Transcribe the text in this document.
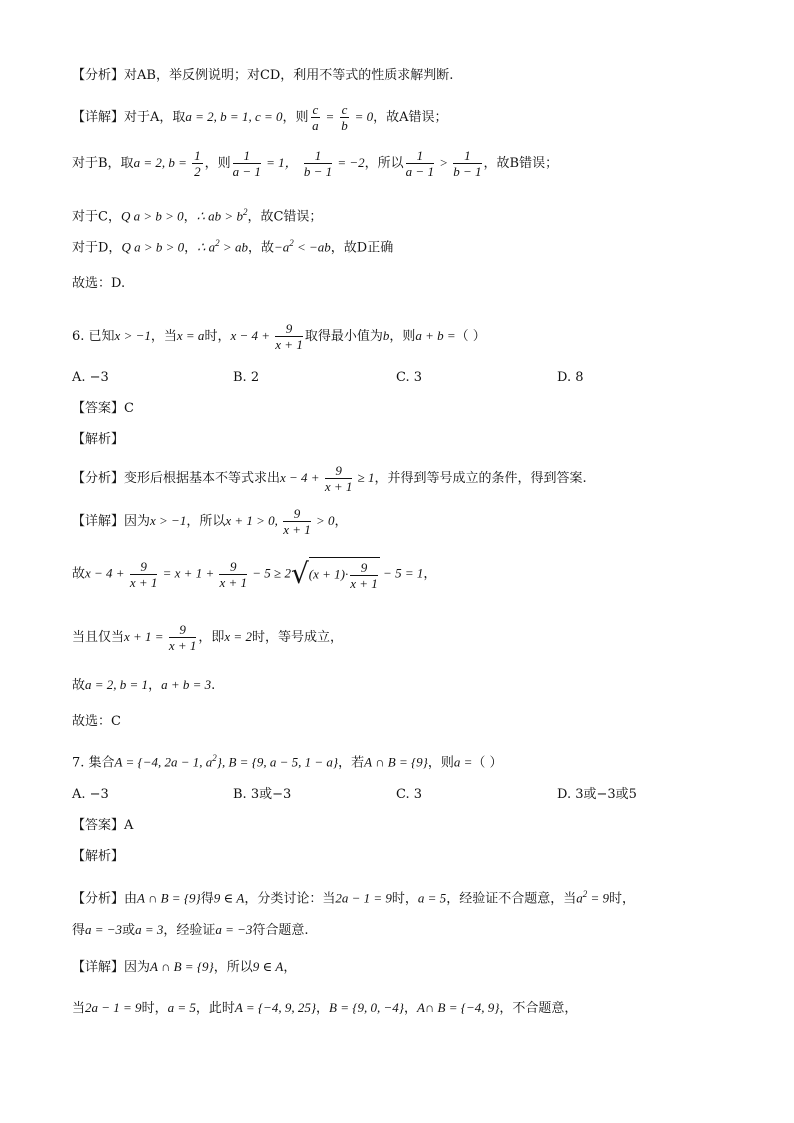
【分析】对AB，举反例说明；对CD，利用不等式的性质求解判断.
【详解】对于A，取a = 2, b = 1, c = 0，则 $\frac{c}{a} = \frac{c}{b} = 0$，故A错误；
对于B，取a = 2, $b = \frac{1}{2}$ ，则 $\frac{1}{a - 1} = 1$， $\frac{1}{b - 1} = -2$，所以 $\frac{1}{a - 1} > \frac{1}{b - 1}$ ，故B错误；
对于C，Q a > b > 0，∴ ab > $b^2$，故C错误；
对于D，Q a > b > 0，∴ $a^2$ > ab，故$-a^2 < -ab$，故D正确
故选：D.
6. 已知x > −1，当x = a时，$x - 4 + \frac{9}{x + 1}$ 取得最小值为b，则a + b =（ ）
A. −3	B. 2	C. 3	D. 8
【答案】C
【解析】
【分析】变形后根据基本不等式求出$x - 4 + \frac{9}{x + 1} \ge 1$，并得到等号成立的条件，得到答案.
【详解】因为x > −1，所以x + 1 > 0, $\frac{9}{x + 1} > 0$，
故$x - 4 + \frac{9}{x + 1} = x + 1 + \frac{9}{x + 1} - 5 \ge 2√(x + 1)\cdot \frac{9}{x + 1} - 5 = 1$，
当且仅当$x + 1 = \frac{9}{x + 1}$ ，即x = 2时，等号成立，
故a = 2, b = 1，a + b = 3.
故选：C
7. 集合A = {−4, 2a − 1, $a^2$}, B = {9, a − 5, 1 − a}，若A ∩ B = {9}，则a =（ ）
A. −3	B. 3或−3	C. 3	D. 3或−3或5
【答案】A
【解析】
【分析】由A ∩ B = {9}得9 ∈ A，分类讨论：当2a − 1 = 9时，a = 5，经验证不合题意，当$a^2 = 9$时，
得a = −3或a = 3，经验证a = −3符合题意.
【详解】因为A ∩ B = {9}，所以9 ∈ A，
当2a − 1 = 9时，a = 5，此时A = {−4, 9, 25}，B = {9, 0, −4}，A∩ B = {−4, 9}，不合题意，
